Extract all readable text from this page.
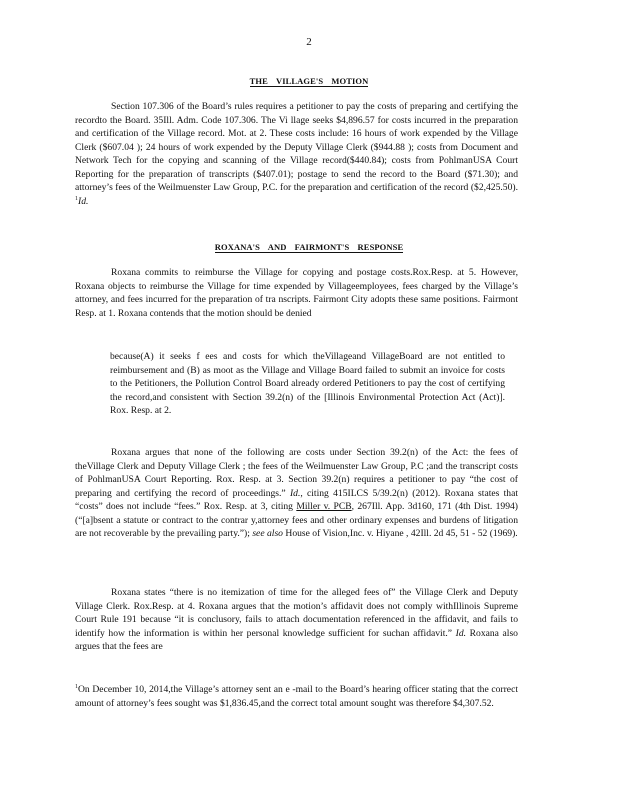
2
THE VILLAGE'S MOTION
Section 107.306 of the Board’s rules requires a petitioner to pay the costs of preparing and certifying the recordto the Board. 35Ill. Adm. Code 107.306. The Vi llage seeks $4,896.57 for costs incurred in the preparation and certification of the Village record. Mot. at 2. These costs include: 16 hours of work expended by the Village Clerk ($607.04 ); 24 hours of work expended by the Deputy Village Clerk ($944.88 ); costs from Document and Network Tech for the copying and scanning of the Village record($440.84); costs from PohlmanUSA Court Reporting for the preparation of transcripts ($407.01); postage to send the record to the Board ($71.30); and attorney’s fees of the Weilmuenster Law Group, P.C. for the preparation and certification of the record ($2,425.50). $^1$Id.
ROXANA'S AND FAIRMONT'S RESPONSE
Roxana commits to reimburse the Village for copying and postage costs.Rox.Resp. at 5. However, Roxana objects to reimburse the Village for time expended by Villageemployees, fees charged by the Village’s attorney, and fees incurred for the preparation of tra nscripts. Fairmont City adopts these same positions. Fairmont Resp. at 1. Roxana contends that the motion should be denied
because(A) it seeks f ees and costs for which theVillageand VillageBoard are not entitled to reimbursement and (B) as moot as the Village and Village Board failed to submit an invoice for costs to the Petitioners, the Pollution Control Board already ordered Petitioners to pay the cost of certifying the record,and consistent with Section 39.2(n) of the [Illinois Environmental Protection Act (Act)]. Rox. Resp. at 2.
Roxana argues that none of the following are costs under Section 39.2(n) of the Act: the fees of theVillage Clerk and Deputy Village Clerk ; the fees of the Weilmuenster Law Group, P.C ;and the transcript costs of PohlmanUSA Court Reporting. Rox. Resp. at 3. Section 39.2(n) requires a petitioner to pay “the cost of preparing and certifying the record of proceedings.” Id., citing 415ILCS 5/39.2(n) (2012). Roxana states that “costs” does not include “fees.” Rox. Resp. at 3, citing Miller v. PCB, 267Ill. App. 3d160, 171 (4th Dist. 1994) (“[a]bsent a statute or contract to the contrar y,attorney fees and other ordinary expenses and burdens of litigation are not recoverable by the prevailing party.”); see also House of Vision,Inc. v. Hiyane , 42Ill. 2d 45, 51 - 52 (1969).
Roxana states “there is no itemization of time for the alleged fees of” the Village Clerk and Deputy Village Clerk. Rox.Resp. at 4. Roxana argues that the motion’s affidavit does not comply withIllinois Supreme Court Rule 191 because “it is conclusory, fails to attach documentation referenced in the affidavit, and fails to identify how the information is within her personal knowledge sufficient for suchan affidavit.” Id. Roxana also argues that the fees are
$^1$On December 10, 2014,the Village’s attorney sent an e -mail to the Board’s hearing officer stating that the correct amount of attorney’s fees sought was $1,836.45,and the correct total amount sought was therefore $4,307.52.
